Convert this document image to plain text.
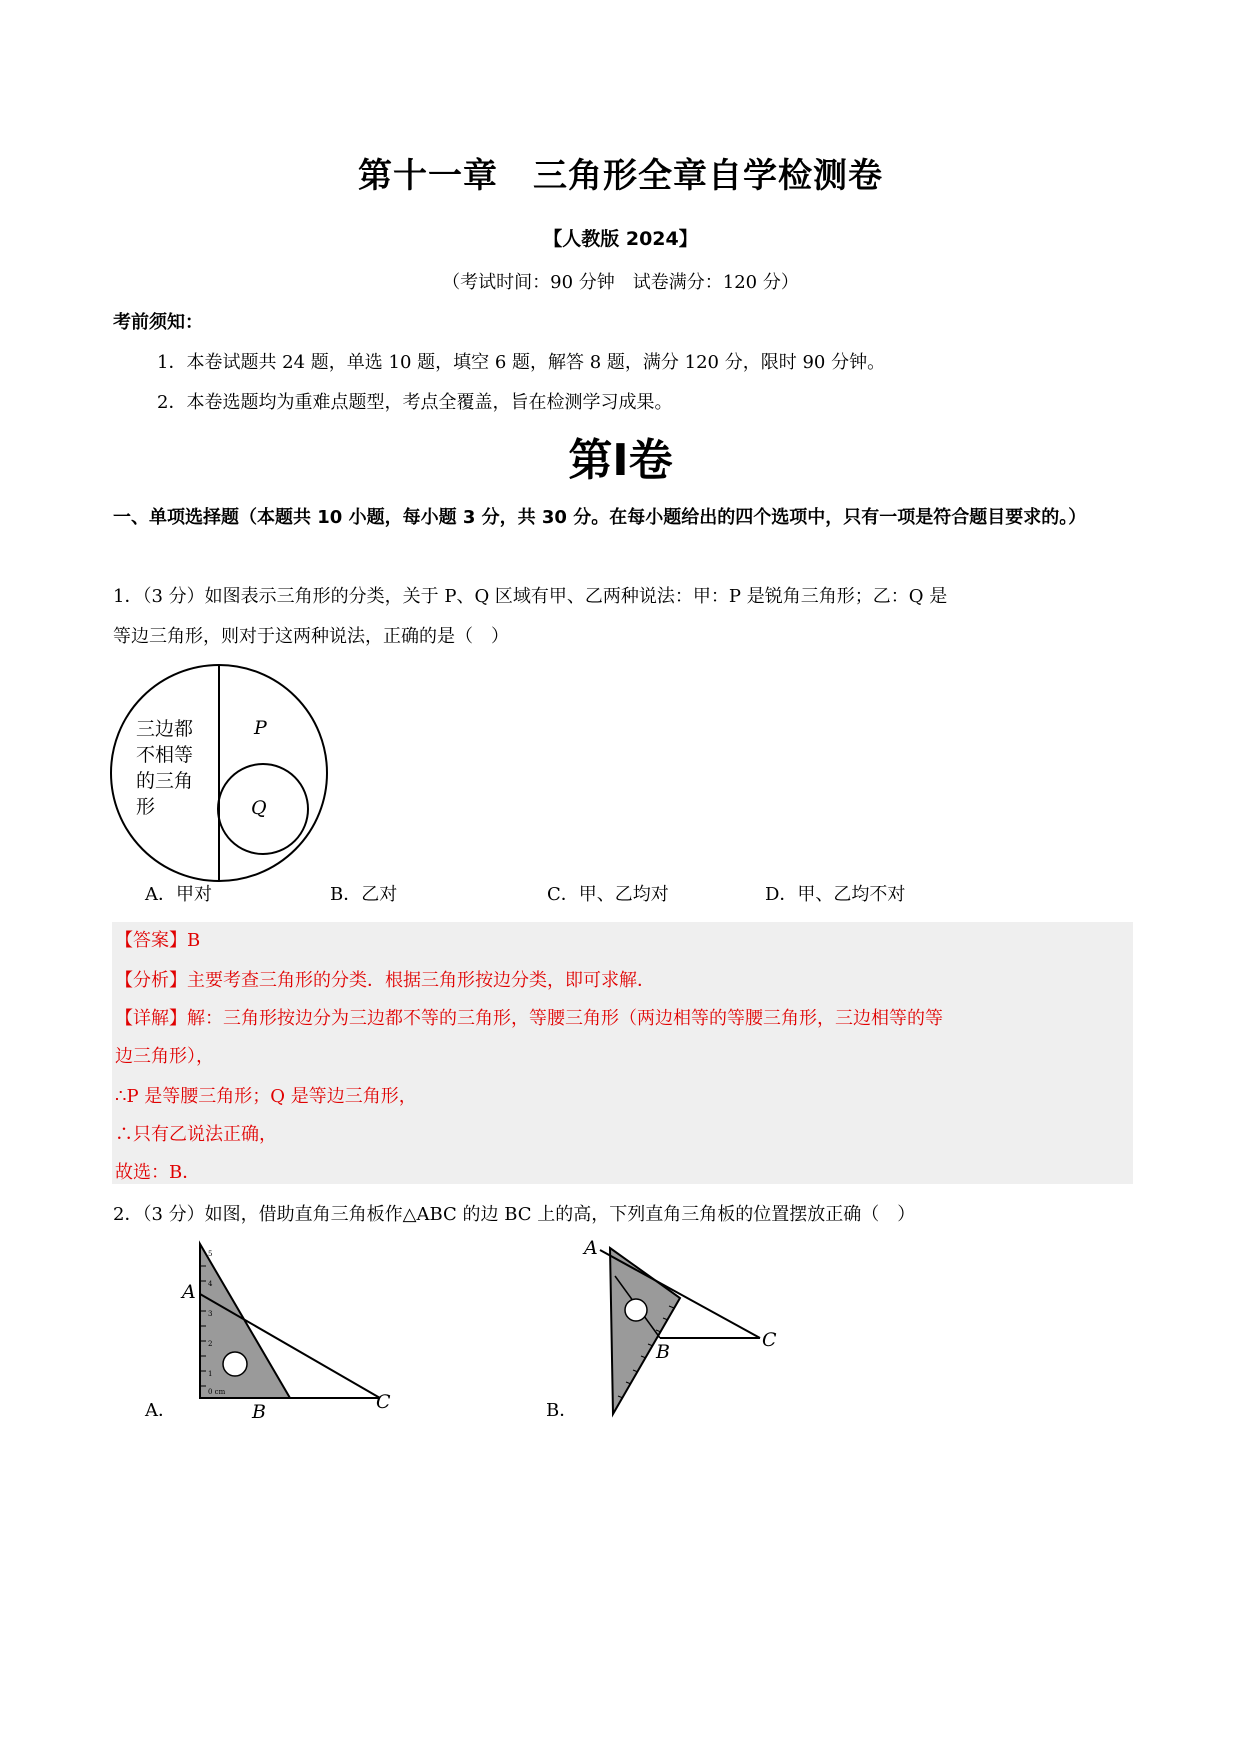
第十一章　三角形全章自学检测卷
【人教版 2024】
（考试时间：90 分钟　试卷满分：120 分）
考前须知：
1．本卷试题共 24 题，单选 10 题，填空 6 题，解答 8 题，满分 120 分，限时 90 分钟。
2．本卷选题均为重难点题型，考点全覆盖，旨在检测学习成果。
第Ⅰ卷
一、单项选择题（本题共 10 小题，每小题 3 分，共 30 分。在每小题给出的四个选项中，只有一项是符合题目要求的。）
1．（3 分）如图表示三角形的分类，关于 P、Q 区域有甲、乙两种说法：甲：P 是锐角三角形；乙：Q 是
等边三角形，则对于这两种说法，正确的是（　）
三边都
不相等
的三角
形
P
Q
A．甲对	B．乙对	C．甲、乙均对	D．甲、乙均不对
【答案】B
【分析】主要考查三角形的分类．根据三角形按边分类，即可求解．
【详解】解：三角形按边分为三边都不等的三角形，等腰三角形（两边相等的等腰三角形，三边相等的等
边三角形），
∴P 是等腰三角形；Q 是等边三角形，
∴只有乙说法正确，
故选：B．
2．（3 分）如图，借助直角三角板作△ABC 的边 BC 上的高，下列直角三角板的位置摆放正确（　）
1
2
3
4
5
0 cm
A
B	C
A．
A
B
C
B．
